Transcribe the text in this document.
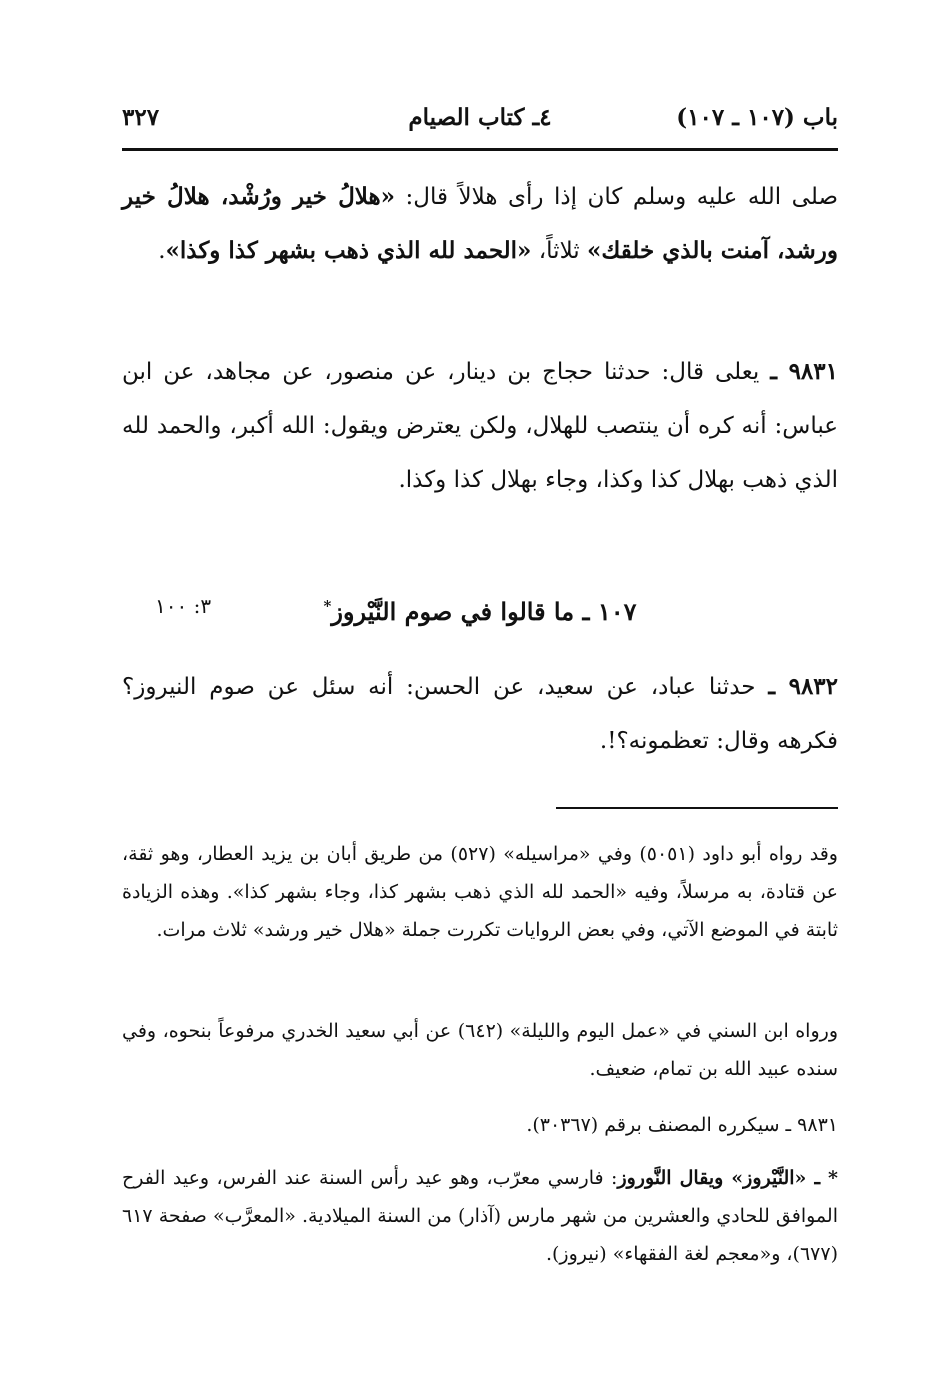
باب (١٠٧ ـ ١٠٧)
٤ـ كتاب الصيام
٣٢٧
صلى الله عليه وسلم كان إذا رأى هلالاً قال: «هلالُ خير ورُشْد، هلالُ خير ورشد، آمنت بالذي خلقك» ثلاثاً، «الحمد لله الذي ذهب بشهر كذا وكذا».
٩٨٣١ ـ يعلى قال: حدثنا حجاج بن دينار، عن منصور، عن مجاهد، عن ابن عباس: أنه كره أن ينتصب للهلال، ولكن يعترض ويقول: الله أكبر، والحمد لله الذي ذهب بهلال كذا وكذا، وجاء بهلال كذا وكذا.
١٠٧ ـ ما قالوا في صوم النَّيْروز*
٣: ١٠٠
٩٨٣٢ ـ حدثنا عباد، عن سعيد، عن الحسن: أنه سئل عن صوم النيروز؟ فكرهه وقال: تعظمونه؟!.
وقد رواه أبو داود (٥٠٥١) وفي «مراسيله» (٥٢٧) من طريق أبان بن يزيد العطار، وهو ثقة، عن قتادة، به مرسلاً، وفيه «الحمد لله الذي ذهب بشهر كذا، وجاء بشهر كذا». وهذه الزيادة ثابتة في الموضع الآتي، وفي بعض الروايات تكررت جملة «هلال خير ورشد» ثلاث مرات.
ورواه ابن السني في «عمل اليوم والليلة» (٦٤٢) عن أبي سعيد الخدري مرفوعاً بنحوه، وفي سنده عبيد الله بن تمام، ضعيف.
٩٨٣١ ـ سيكرره المصنف برقم (٣٠٣٦٧).
* ـ «النَّيْروز» ويقال النَّوروز: فارسي معرّب، وهو عيد رأس السنة عند الفرس، وعيد الفرح الموافق للحادي والعشرين من شهر مارس (آذار) من السنة الميلادية. «المعرَّب» صفحة ٦١٧ (٦٧٧)، و«معجم لغة الفقهاء» (نيروز).
